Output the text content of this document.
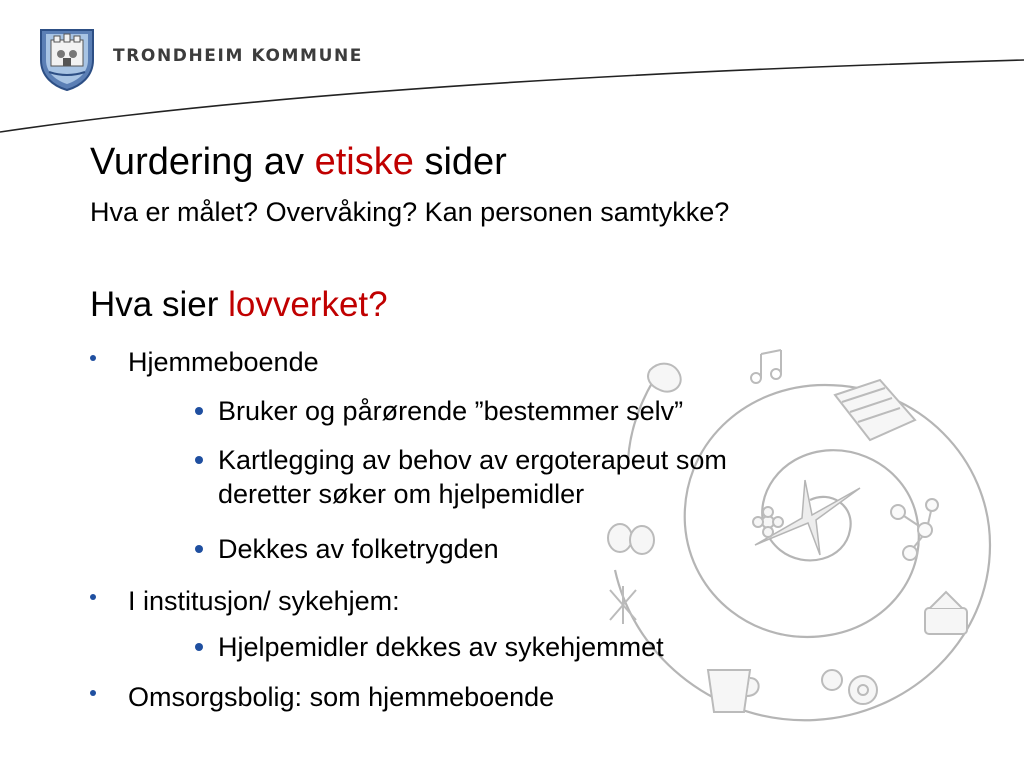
TRONDHEIM KOMMUNE
Vurdering av etiske sider
Hva er målet? Overvåking? Kan personen samtykke?
Hva sier lovverket?
Hjemmeboende
Bruker og pårørende ”bestemmer selv”
Kartlegging av behov av ergoterapeut som
deretter søker om hjelpemidler
Dekkes av folketrygden
I institusjon/ sykehjem:
Hjelpemidler dekkes av sykehjemmet
Omsorgsbolig: som hjemmeboende
